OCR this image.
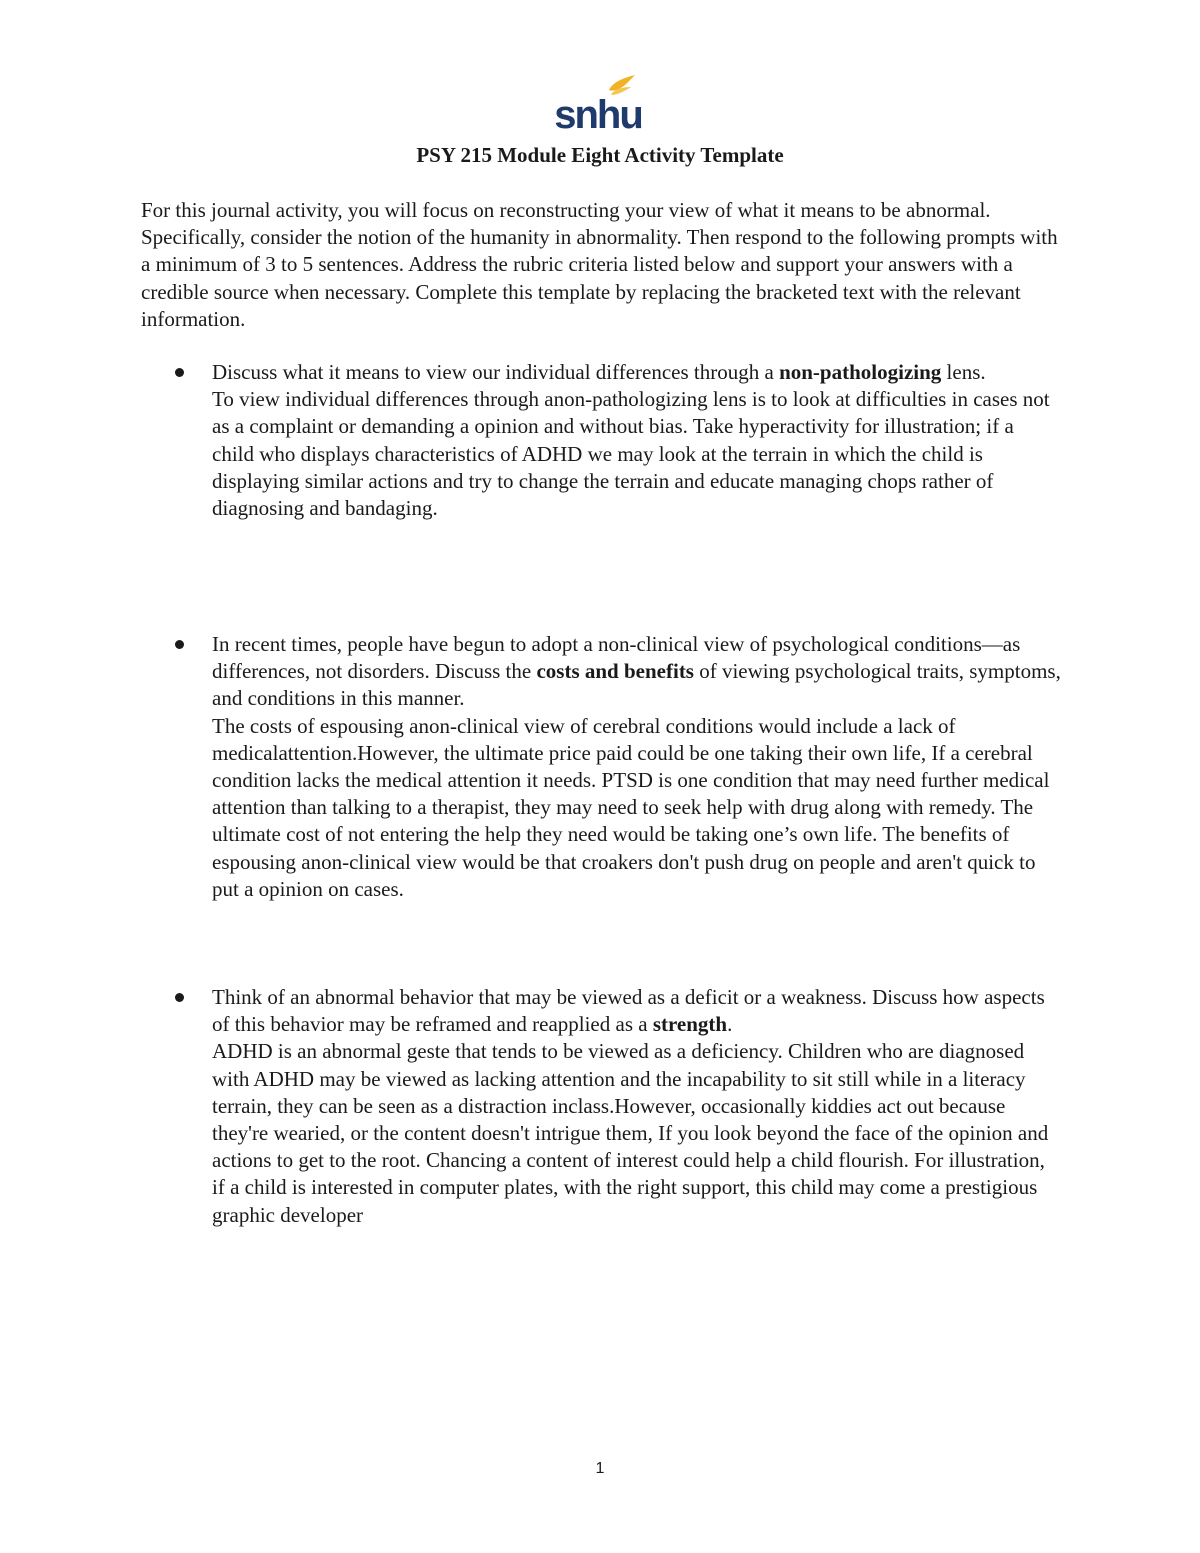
snhu
PSY 215 Module Eight Activity Template

For this journal activity, you will focus on reconstructing your view of what it means to be abnormal. Specifically, consider the notion of the humanity in abnormality. Then respond to the following prompts with a minimum of 3 to 5 sentences. Address the rubric criteria listed below and support your answers with a credible source when necessary. Complete this template by replacing the bracketed text with the relevant information.

Discuss what it means to view our individual differences through a non-pathologizing lens.

To view individual differences through anon-pathologizing lens is to look at difficulties in cases not as a complaint or demanding a opinion and without bias. Take hyperactivity for illustration; if a child who displays characteristics of ADHD we may look at the terrain in which the child is displaying similar actions and try to change the terrain and educate managing chops rather of diagnosing and bandaging.

In recent times, people have begun to adopt a non-clinical view of psychological conditions—as differences, not disorders. Discuss the costs and benefits of viewing psychological traits, symptoms, and conditions in this manner.

The costs of espousing anon-clinical view of cerebral conditions would include a lack of medicalattention.However, the ultimate price paid could be one taking their own life, If a cerebral condition lacks the medical attention it needs. PTSD is one condition that may need further medical attention than talking to a therapist, they may need to seek help with drug along with remedy. The ultimate cost of not entering the help they need would be taking one’s own life. The benefits of espousing anon-clinical view would be that croakers don't push drug on people and aren't quick to put a opinion on cases.

Think of an abnormal behavior that may be viewed as a deficit or a weakness. Discuss how aspects of this behavior may be reframed and reapplied as a strength.

ADHD is an abnormal geste that tends to be viewed as a deficiency. Children who are diagnosed with ADHD may be viewed as lacking attention and the incapability to sit still while in a literacy terrain, they can be seen as a distraction inclass.However, occasionally kiddies act out because they're wearied, or the content doesn't intrigue them, If you look beyond the face of the opinion and actions to get to the root. Chancing a content of interest could help a child flourish. For illustration, if a child is interested in computer plates, with the right support, this child may come a prestigious graphic developer

1
